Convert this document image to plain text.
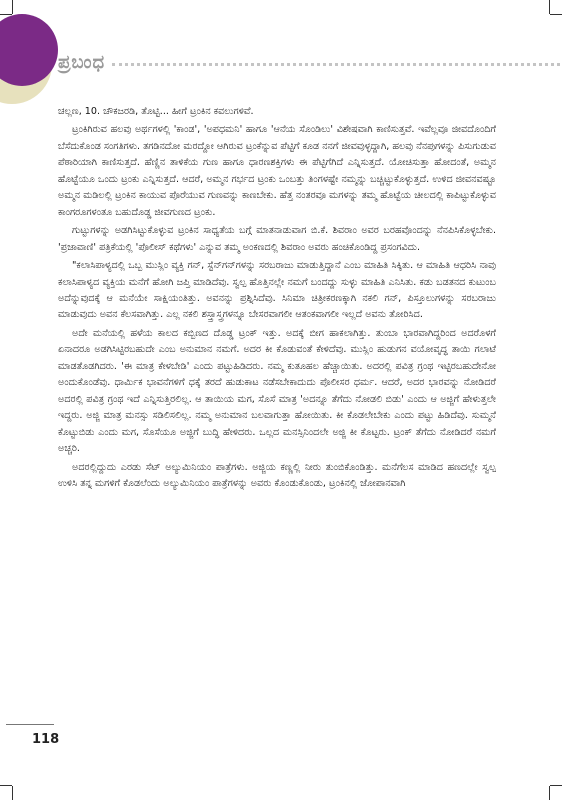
ಪ್ರಬಂಧ

ಚಲ್ಲಣ, 10. ಚೌಕಜರಡಿ, ತೊಟ್ಟಿ... ಹೀಗೆ ಟ್ರಂಕಿನ ಕವಲುಗಳಿವೆ.

ಟ್ರಂಕಿಗಿರುವ ಹಲವು ಅರ್ಥಗಳಲ್ಲಿ 'ಕಾಂಡ', 'ಅಪಧಮನಿ' ಹಾಗೂ 'ಆನೆಯ ಸೊಂಡಿಲು' ವಿಶೇಷವಾಗಿ ಕಾಣಿಸುತ್ತವೆ. ಇವೆಲ್ಲವೂ ಜೀವದೊಂದಿಗೆ ಬೆಸೆದುಕೊಂಡ ಸಂಗತಿಗಳು. ತಗಡಿನದೋ ಮರದ್ದೋ ಆಗಿರುವ ಟ್ರಂಕೆನ್ನುವ ಪೆಟ್ಟಿಗೆ ಕೂಡ ನನಗೆ ಜೀವವುಳ್ಳದ್ದಾಗಿ, ಹಲವು ನೆನಪುಗಳನ್ನು ಪಿಸುಗುಡುವ ಪೆಠಾರಿಯಾಗಿ ಕಾಣಿಸುತ್ತದೆ. ಹೆಣ್ಣಿನ ತಾಳಿಕೆಯ ಗುಣ ಹಾಗೂ ಧಾರಣಶಕ್ತಿಗಳು ಈ ಪೆಟ್ಟಿಗೆಗಿದೆ ಎನ್ನಿಸುತ್ತದೆ. ಯೋಚಿಸುತ್ತಾ ಹೋದಂತೆ, ಅಮ್ಮನ ಹೊಟ್ಟೆಯೂ ಒಂದು ಟ್ರಂಕು ಎನ್ನಿಸುತ್ತದೆ. ಆದರೆ, ಅಮ್ಮನ ಗರ್ಭದ ಟ್ರಂಕು ಒಂಬತ್ತು ತಿಂಗಳಷ್ಟೇ ನಮ್ಮನ್ನು ಬಚ್ಚಿಟ್ಟುಕೊಳ್ಳುತ್ತದೆ. ಉಳಿದ ಜೀವನವಷ್ಟೂ ಅಮ್ಮನ ಮಡಿಲಲ್ಲಿ ಟ್ರಂಕಿನ ಕಾಯುವ ಪೊರೆಯುವ ಗುಣವನ್ನು ಕಾಣಬೇಕು. ಹೆತ್ತ ನಂತರವೂ ಮಗಳನ್ನು ತಮ್ಮ ಹೊಟ್ಟೆಯ ಚೀಲದಲ್ಲಿ ಕಾಪಿಟ್ಟುಕೊಳ್ಳುವ ಕಾಂಗರೂಗಳಂತೂ ಬಹುದೊಡ್ಡ ಜೀವಗುಣದ ಟ್ರಂಕು.

ಗುಟ್ಟುಗಳನ್ನು ಅಡಗಿಸಿಟ್ಟುಕೊಳ್ಳುವ ಟ್ರಂಕಿನ ಸಾಧ್ಯತೆಯ ಬಗ್ಗೆ ಮಾತನಾಡುವಾಗ ಬಿ.ಕೆ. ಶಿವರಾಂ ಅವರ ಬರಹವೊಂದನ್ನು ನೆನಪಿಸಿಕೊಳ್ಳಬೇಕು. 'ಪ್ರಜಾವಾಣಿ' ಪತ್ರಿಕೆಯಲ್ಲಿ 'ಪೊಲೀಸ್ ಕಥೆಗಳು' ಎನ್ನುವ ತಮ್ಮ ಅಂಕಣದಲ್ಲಿ ಶಿವರಾಂ ಅವರು ಹಂಚಿಕೊಂಡಿದ್ದ ಪ್ರಸಂಗವಿದು.

"ಕಲಾಸಿಪಾಳ್ಯದಲ್ಲಿ ಒಬ್ಬ ಮುಸ್ಲಿಂ ವ್ಯಕ್ತಿ ಗನ್, ಸ್ಟೆನ್‌ಗನ್‌ಗಳನ್ನು ಸರಬರಾಜು ಮಾಡುತ್ತಿದ್ದಾನೆ ಎಂಬ ಮಾಹಿತಿ ಸಿಕ್ಕಿತು. ಆ ಮಾಹಿತಿ ಆಧರಿಸಿ ನಾವು ಕಲಾಸಿಪಾಳ್ಯದ ವ್ಯಕ್ತಿಯ ಮನೆಗೆ ಹೋಗಿ ಜಪ್ತಿ ಮಾಡಿದೆವು. ಸ್ವಲ್ಪ ಹೊತ್ತಿನಲ್ಲೇ ನಮಗೆ ಬಂದದ್ದು ಸುಳ್ಳು ಮಾಹಿತಿ ಎನಿಸಿತು. ಕಡು ಬಡತನದ ಕುಟುಂಬ ಅದೆನ್ನುವುದಕ್ಕೆ ಆ ಮನೆಯೇ ಸಾಕ್ಷಿಯಂತಿತ್ತು. ಅವನನ್ನು ಪ್ರಶ್ನಿಸಿದೆವು. ಸಿನಿಮಾ ಚಿತ್ರೀಕರಣಕ್ಕಾಗಿ ನಕಲಿ ಗನ್, ಪಿಸ್ತೂಲುಗಳನ್ನು ಸರಬರಾಜು ಮಾಡುವುದು ಅವನ ಕೆಲಸವಾಗಿತ್ತು. ಎಲ್ಲ ನಕಲಿ ಶಸ್ತ್ರಾಸ್ತ್ರಗಳನ್ನೂ ಬೇಸರವಾಗಲೀ ಆತಂಕವಾಗಲೀ ಇಲ್ಲದೆ ಅವನು ತೋರಿಸಿದ.

ಅದೇ ಮನೆಯಲ್ಲಿ ಹಳೆಯ ಕಾಲದ ಕಬ್ಬಿಣದ ದೊಡ್ಡ ಟ್ರಂಕ್ ಇತ್ತು. ಅದಕ್ಕೆ ಬೀಗ ಹಾಕಲಾಗಿತ್ತು. ತುಂಬಾ ಭಾರವಾಗಿದ್ದರಿಂದ ಅದರೊಳಗೆ ಏನಾದರೂ ಅಡಗಿಸಿಟ್ಟಿರಬಹುದೇ ಎಂಬ ಅನುಮಾನ ನಮಗೆ. ಅದರ ಕೀ ಕೊಡುವಂತೆ ಕೇಳಿದೆವು. ಮುಸ್ಲಿಂ ಹುಡುಗನ ವಯೋವೃದ್ಧ ತಾಯಿ ಗಲಾಟೆ ಮಾಡತೊಡಗಿದರು. 'ಈ ಮಾತ್ರ ಕೇಳಬೇಡಿ' ಎಂದು ಪಟ್ಟುಹಿಡಿದರು. ನಮ್ಮ ಕುತೂಹಲ ಹೆಚ್ಚಾಯಿತು. ಅದರಲ್ಲಿ ಪವಿತ್ರ ಗ್ರಂಥ ಇಟ್ಟಿರಬಹುದೇನೋ ಅಂದುಕೊಂಡೆವು. ಧಾರ್ಮಿಕ ಭಾವನೆಗಳಿಗೆ ಧಕ್ಕೆ ತರದೆ ಹುಡುಕಾಟ ನಡೆಸಬೇಕಾದುದು ಪೊಲೀಸರ ಧರ್ಮ. ಆದರೆ, ಅದರ ಭಾರವನ್ನು ನೋಡಿದರೆ ಅದರಲ್ಲಿ ಪವಿತ್ರ ಗ್ರಂಥ ಇದೆ ಎನ್ನಿಸುತ್ತಿರಲಿಲ್ಲ. ಆ ತಾಯಿಯ ಮಗ, ಸೊಸೆ ಮಾತ್ರ 'ಅದನ್ನೂ ತೆಗೆದು ನೋಡಲಿ ಬಿಡು' ಎಂದು ಆ ಅಜ್ಜಿಗೆ ಹೇಳುತ್ತಲೇ ಇದ್ದರು. ಅಜ್ಜಿ ಮಾತ್ರ ಮನಸ್ಸು ಸಡಿಲಿಸಲಿಲ್ಲ. ನಮ್ಮ ಅನುಮಾನ ಬಲವಾಗುತ್ತಾ ಹೋಯಿತು. ಕೀ ಕೊಡಲೇಬೇಕು ಎಂದು ಪಟ್ಟು ಹಿಡಿದೆವು. ಸುಮ್ಮನೆ ಕೊಟ್ಟುಬಿಡು ಎಂದು ಮಗ, ಸೊಸೆಯೂ ಅಜ್ಜಿಗೆ ಬುದ್ಧಿ ಹೇಳಿದರು. ಒಲ್ಲದ ಮನಸ್ಸಿನಿಂದಲೇ ಅಜ್ಜಿ ಕೀ ಕೊಟ್ಟರು. ಟ್ರಂಕ್ ತೆಗೆದು ನೋಡಿದರೆ ನಮಗೆ ಅಚ್ಚರಿ.

ಅದರಲ್ಲಿದ್ದುದು ಎರಡು ಸೆಟ್ ಅಲ್ಯುಮಿನಿಯಂ ಪಾತ್ರೆಗಳು. ಅಜ್ಜಿಯ ಕಣ್ಣಲ್ಲಿ ನೀರು ತುಂಬಿಕೊಂಡಿತ್ತು. ಮನೆಗೆಲಸ ಮಾಡಿದ ಹಣದಲ್ಲೇ ಸ್ವಲ್ಪ ಉಳಿಸಿ ತನ್ನ ಮಗಳಿಗೆ ಕೊಡಲೆಂದು ಅಲ್ಯುಮಿನಿಯಂ ಪಾತ್ರೆಗಳನ್ನು ಅವರು ಕೊಂಡುಕೊಂಡು, ಟ್ರಂಕಿನಲ್ಲಿ ಜೋಪಾನವಾಗಿ

118
